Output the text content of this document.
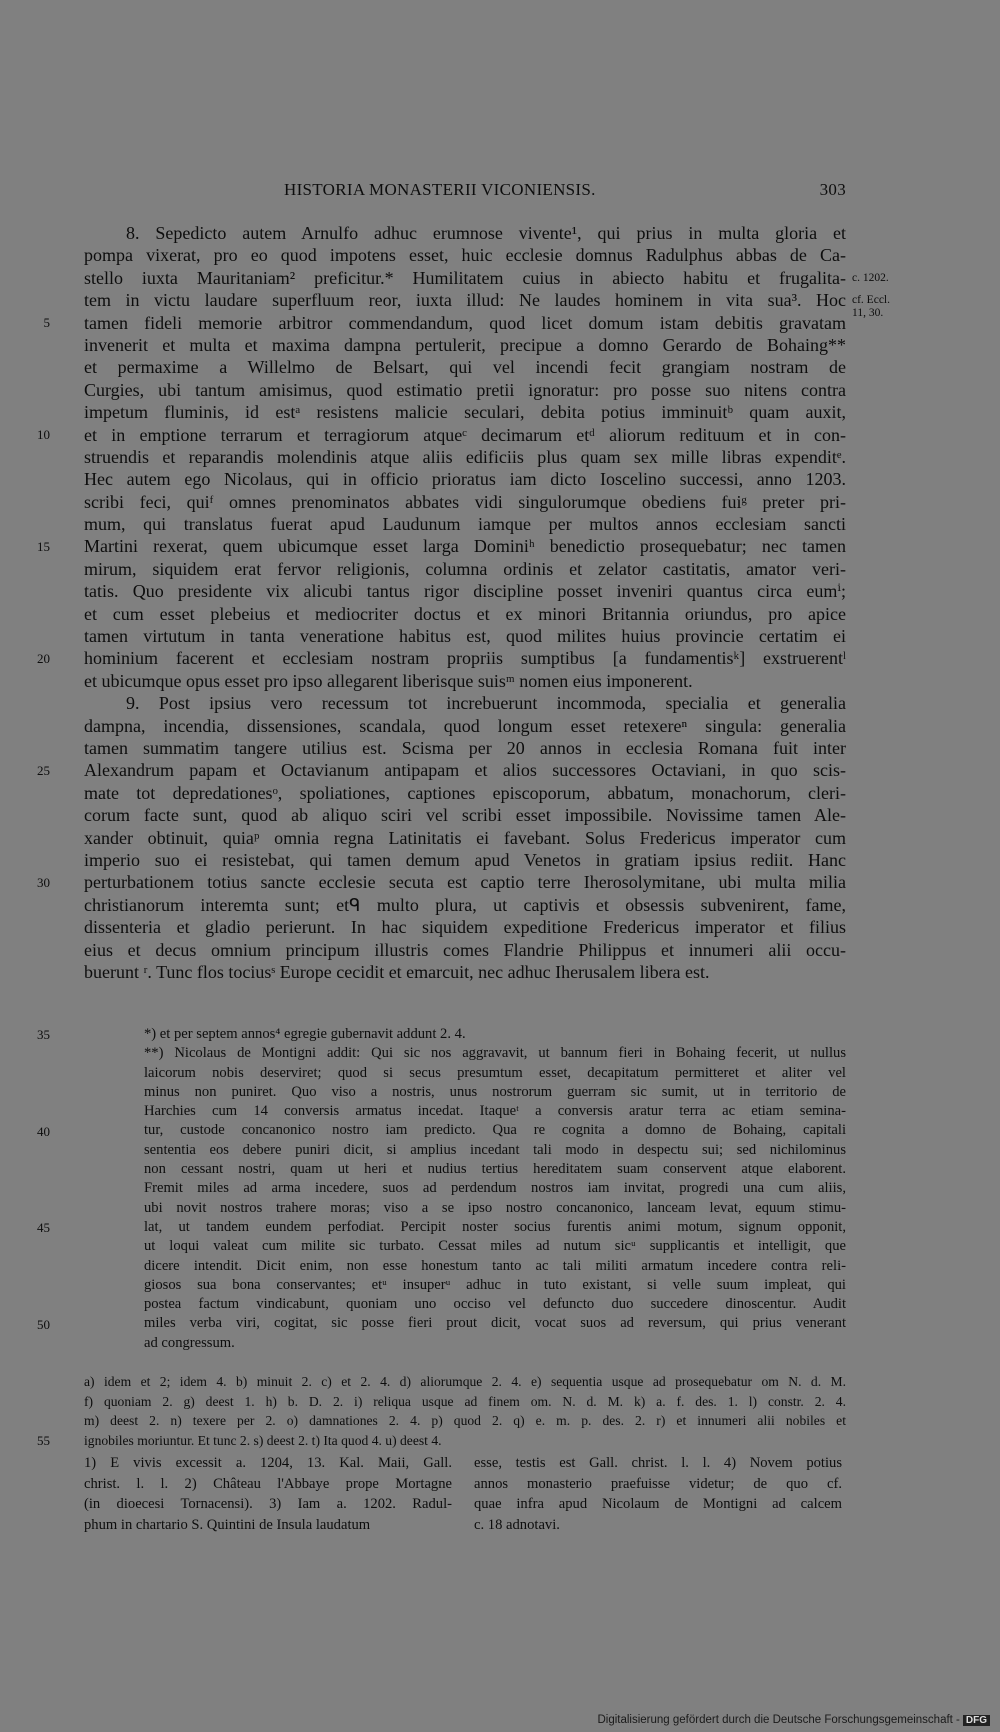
HISTORIA MONASTERII VICONIENSIS.	303
8. Sepedicto autem Arnulfo adhuc erumnose vivente¹, qui prius in multa gloria et
pompa vixerat, pro eo quod impotens esset, huic ecclesie domnus Radulphus abbas de Ca-
stello iuxta Mauritaniam² preficitur.* Humilitatem cuius in abiecto habitu et frugalita-
tem in victu laudare superfluum reor, iuxta illud: Ne laudes hominem in vita sua³. Hoc
tamen fideli memorie arbitror commendandum, quod licet domum istam debitis gravatam
invenerit et multa et maxima dampna pertulerit, precipue a domno Gerardo de Bohaing**
et permaxime a Willelmo de Belsart, qui vel incendi fecit grangiam nostram de
Curgies, ubi tantum amisimus, quod estimatio pretii ignoratur: pro posse suo nitens contra
impetum fluminis, id estᵃ resistens malicie seculari, debita potius imminuitᵇ quam auxit,
et in emptione terrarum et terragiorum atqueᶜ decimarum etᵈ aliorum redituum et in con-
struendis et reparandis molendinis atque aliis edificiis plus quam sex mille libras expenditᵉ.
Hec autem ego Nicolaus, qui in officio prioratus iam dicto Ioscelino successi, anno 1203.
scribi feci, quiᶠ omnes prenominatos abbates vidi singulorumque obediens fuiᵍ preter pri-
mum, qui translatus fuerat apud Laudunum iamque per multos annos ecclesiam sancti
Martini rexerat, quem ubicumque esset larga Dominiʰ benedictio prosequebatur; nec tamen
mirum, siquidem erat fervor religionis, columna ordinis et zelator castitatis, amator veri-
tatis. Quo presidente vix alicubi tantus rigor discipline posset inveniri quantus circa eumⁱ;
et cum esset plebeius et mediocriter doctus et ex minori Britannia oriundus, pro apice
tamen virtutum in tanta veneratione habitus est, quod milites huius provincie certatim ei
hominium facerent et ecclesiam nostram propriis sumptibus [a fundamentisᵏ] exstruerentˡ
et ubicumque opus esset pro ipso allegarent liberisque suisᵐ nomen eius imponerent.
9. Post ipsius vero recessum tot increbuerunt incommoda, specialia et generalia
dampna, incendia, dissensiones, scandala, quod longum esset retexereⁿ singula: generalia
tamen summatim tangere utilius est. Scisma per 20 annos in ecclesia Romana fuit inter
Alexandrum papam et Octavianum antipapam et alios successores Octaviani, in quo scis-
mate tot depredationesᵒ, spoliationes, captiones episcoporum, abbatum, monachorum, cleri-
corum facte sunt, quod ab aliquo sciri vel scribi esset impossibile. Novissime tamen Ale-
xander obtinuit, quiaᵖ omnia regna Latinitatis ei favebant. Solus Fredericus imperator cum
imperio suo ei resistebat, qui tamen demum apud Venetos in gratiam ipsius rediit. Hanc
perturbationem totius sancte ecclesie secuta est captio terre Iherosolymitane, ubi multa milia
christianorum interemta sunt; etᑫ multo plura, ut captivis et obsessis subvenirent, fame,
dissenteria et gladio perierunt. In hac siquidem expeditione Fredericus imperator et filius
eius et decus omnium principum illustris comes Flandrie Philippus et innumeri alii occu-
buerunt ʳ. Tunc flos tociusˢ Europe cecidit et emarcuit, nec adhuc Iherusalem libera est.
c. 1202.
cf. Eccl.
11, 30.
*) et per septem annos⁴ egregie gubernavit addunt 2. 4.
**) Nicolaus de Montigni addit: Qui sic nos aggravavit, ut bannum fieri in Bohaing fecerit, ut nullus
laicorum nobis deserviret; quod si secus presumtum esset, decapitatum permitteret et aliter vel
minus non puniret. Quo viso a nostris, unus nostrorum guerram sic sumit, ut in territorio de
Harchies cum 14 conversis armatus incedat. Itaqueᵗ a conversis aratur terra ac etiam semina-
tur, custode concanonico nostro iam predicto. Qua re cognita a domno de Bohaing, capitali
sententia eos debere puniri dicit, si amplius incedant tali modo in despectu sui; sed nichilominus
non cessant nostri, quam ut heri et nudius tertius hereditatem suam conservent atque elaborent.
Fremit miles ad arma incedere, suos ad perdendum nostros iam invitat, progredi una cum aliis,
ubi novit nostros trahere moras; viso a se ipso nostro concanonico, lanceam levat, equum stimu-
lat, ut tandem eundem perfodiat. Percipit noster socius furentis animi motum, signum opponit,
ut loqui valeat cum milite sic turbato. Cessat miles ad nutum sicᵘ supplicantis et intelligit, que
dicere intendit. Dicit enim, non esse honestum tanto ac tali militi armatum incedere contra reli-
giosos sua bona conservantes; etᵘ insuperᵘ adhuc in tuto existant, si velle suum impleat, qui
postea factum vindicabunt, quoniam uno occiso vel defuncto duo succedere dinoscentur. Audit
miles verba viri, cogitat, sic posse fieri prout dicit, vocat suos ad reversum, qui prius venerant
ad congressum.
a) idem et 2; idem 4. b) minuit 2. c) et 2. 4. d) aliorumque 2. 4. e) sequentia usque ad prosequebatur om N. d. M.
f) quoniam 2. g) deest 1. h) b. D. 2. i) reliqua usque ad finem om. N. d. M. k) a. f. des. 1. l) constr. 2. 4.
m) deest 2. n) texere per 2. o) damnationes 2. 4. p) quod 2. q) e. m. p. des. 2. r) et innumeri alii nobiles et
ignobiles moriuntur. Et tunc 2. s) deest 2. t) Ita quod 4. u) deest 4.
1) E vivis excessit a. 1204, 13. Kal. Maii, Gall.
christ. l. l. 2) Château l'Abbaye prope Mortagne
(in dioecesi Tornacensi). 3) Iam a. 1202. Radul-
phum in chartario S. Quintini de Insula laudatum
esse, testis est Gall. christ. l. l. 4) Novem potius
annos monasterio praefuisse videtur; de quo cf.
quae infra apud Nicolaum de Montigni ad calcem
c. 18 adnotavi.
Digitalisierung gefördert durch die Deutsche Forschungsgemeinschaft - DFG
5
10
15
20
25
30
35
40
45
50
55
